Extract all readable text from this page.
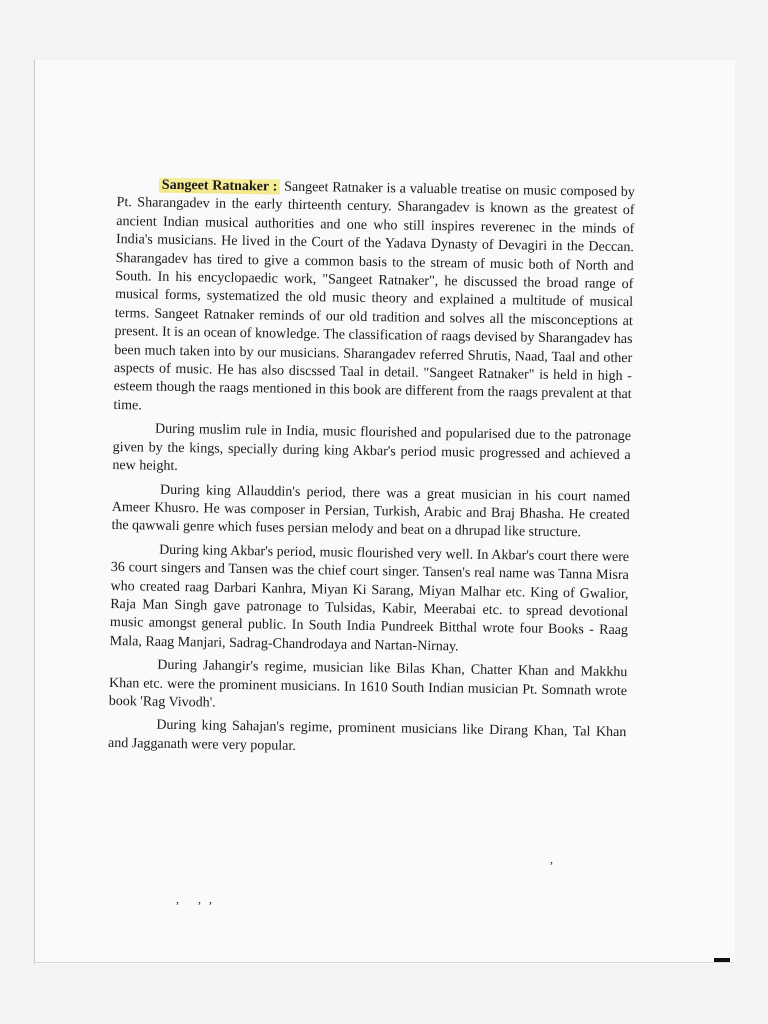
Sangeet Ratnaker : Sangeet Ratnaker is a valuable treatise on music composed by Pt. Sharangadev in the early thirteenth century. Sharangadev is known as the greatest of ancient Indian musical authorities and one who still inspires reverenec in the minds of India's musicians. He lived in the Court of the Yadava Dynasty of Devagiri in the Deccan. Sharangadev has tired to give a common basis to the stream of music both of North and South. In his encyclopaedic work, "Sangeet Ratnaker", he discussed the broad range of musical forms, systematized the old music theory and explained a multitude of musical terms. Sangeet Ratnaker reminds of our old tradition and solves all the misconceptions at present. It is an ocean of knowledge. The classification of raags devised by Sharangadev has been much taken into by our musicians. Sharangadev referred Shrutis, Naad, Taal and other aspects of music. He has also discssed Taal in detail. "Sangeet Ratnaker" is held in high - esteem though the raags mentioned in this book are different from the raags prevalent at that time.

During muslim rule in India, music flourished and popularised due to the patronage given by the kings, specially during king Akbar's period music progressed and achieved a new height.

During king Allauddin's period, there was a great musician in his court named Ameer Khusro. He was composer in Persian, Turkish, Arabic and Braj Bhasha. He created the qawwali genre which fuses persian melody and beat on a dhrupad like structure.

During king Akbar's period, music flourished very well. In Akbar's court there were 36 court singers and Tansen was the chief court singer. Tansen's real name was Tanna Misra who created raag Darbari Kanhra, Miyan Ki Sarang, Miyan Malhar etc. King of Gwalior, Raja Man Singh gave patronage to Tulsidas, Kabir, Meerabai etc. to spread devotional music amongst general public. In South India Pundreek Bitthal wrote four Books - Raag Mala, Raag Manjari, Sadrag-Chandrodaya and Nartan-Nirnay.

During Jahangir's regime, musician like Bilas Khan, Chatter Khan and Makkhu Khan etc. were the prominent musicians. In 1610 South Indian musician Pt. Somnath wrote book 'Rag Vivodh'.

During king Sahajan's regime, prominent musicians like Dirang Khan, Tal Khan and Jagganath were very popular.

, ,,
,
